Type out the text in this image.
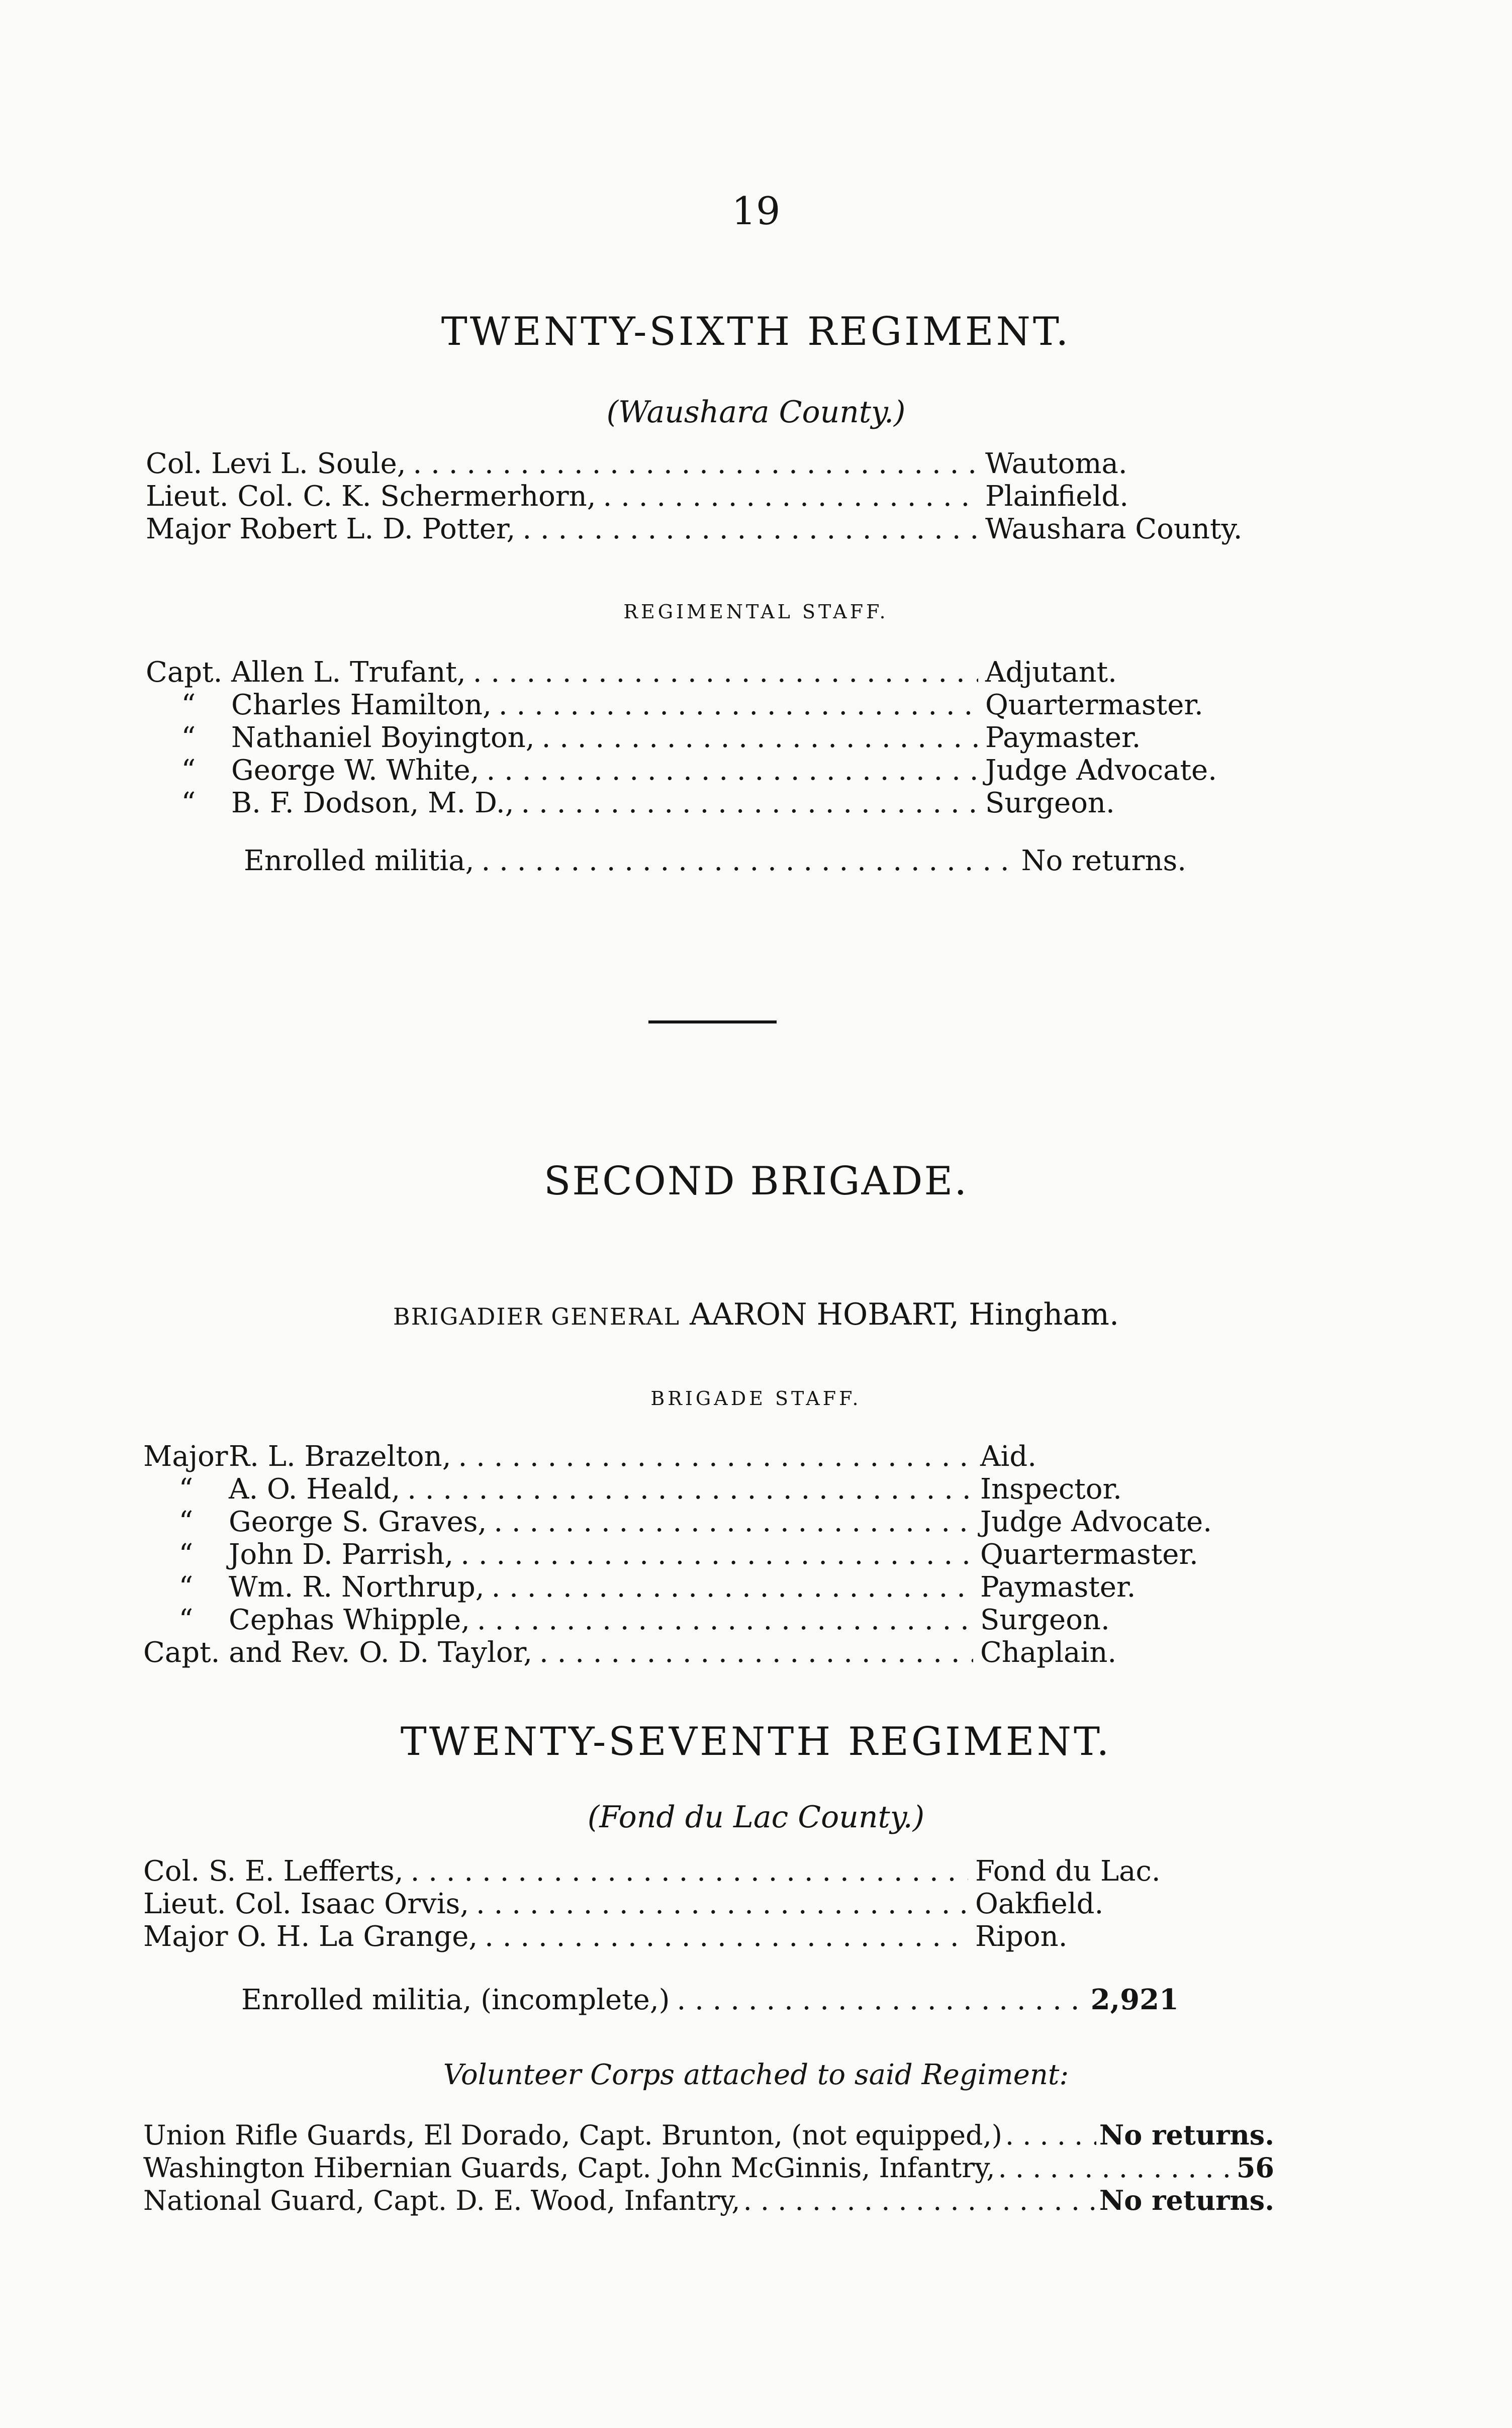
19
TWENTY-SIXTH REGIMENT.
(Waushara County.)
Col. Levi L. Soule, . . .	Wautoma.
Lieut. Col. C. K. Schermerhorn, . . .	Plainfield.
Major Robert L. D. Potter, . . .	Waushara County.
REGIMENTAL STAFF.
Capt. Allen L. Trufant, . . .	Adjutant.
“ Charles Hamilton, . . .	Quartermaster.
“ Nathaniel Boyington, . . .	Paymaster.
“ George W. White, . . .	Judge Advocate.
“ B. F. Dodson, M. D., . . .	Surgeon.
Enrolled militia, . . .	No returns.
SECOND BRIGADE.
BRIGADIER GENERAL AARON HOBART, Hingham.
BRIGADE STAFF.
MajorR. L. Brazelton, . . .	Aid.
“ A. O. Heald, . . .	Inspector.
“ George S. Graves, . . .	Judge Advocate.
“ John D. Parrish, . . .	Quartermaster.
“ Wm. R. Northrup, . . .	Paymaster.
“ Cephas Whipple, . . .	Surgeon.
Capt. and Rev. O. D. Taylor, . . .	Chaplain.
TWENTY-SEVENTH REGIMENT.
(Fond du Lac County.)
Col. S. E. Lefferts, . . .	Fond du Lac.
Lieut. Col. Isaac Orvis, . . .	Oakfield.
Major O. H. La Grange, . . .	Ripon.
Enrolled militia, (incomplete,) . . .	2,921
Volunteer Corps attached to said Regiment:
Union Rifle Guards, El Dorado, Capt. Brunton, (not equipped,) . . .	No returns.
Washington Hibernian Guards, Capt. John McGinnis, Infantry, . . .	56
National Guard, Capt. D. E. Wood, Infantry, . . .	No returns.
